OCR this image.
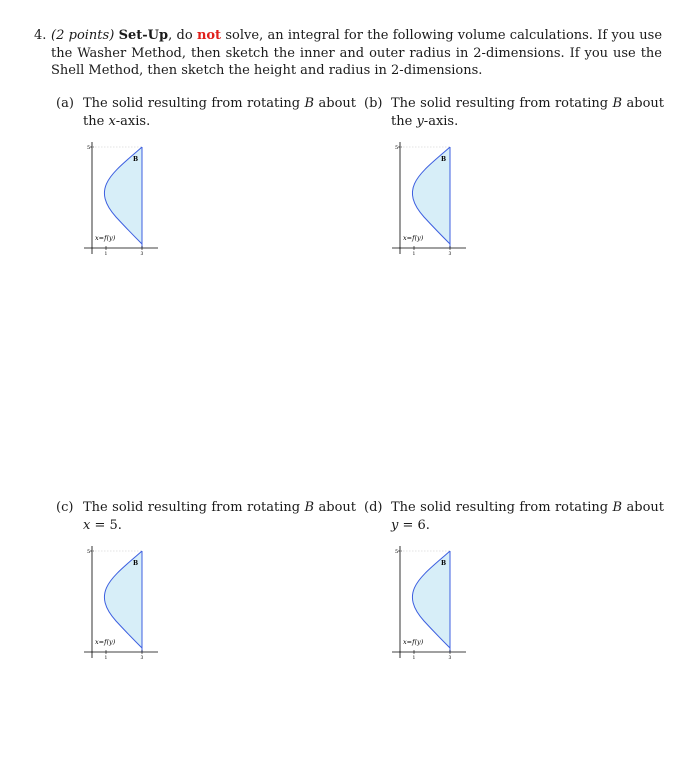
4. (2 points) Set-Up, do not solve, an integral for the following volume calculations. If you use the Washer Method, then sketch the inner and outer radius in 2-dimensions. If you use the Shell Method, then sketch the height and radius in 2-dimensions.
(a) The solid resulting from rotating B about the x-axis.
(b) The solid resulting from rotating B about the y-axis.
(c) The solid resulting from rotating B about x = 5.
(d) The solid resulting from rotating B about y = 6.
5
B
x=f(y)
1	3
5
B
x=f(y)
1	3
5
B
x=f(y)
1	3
5
B
x=f(y)
1	3
